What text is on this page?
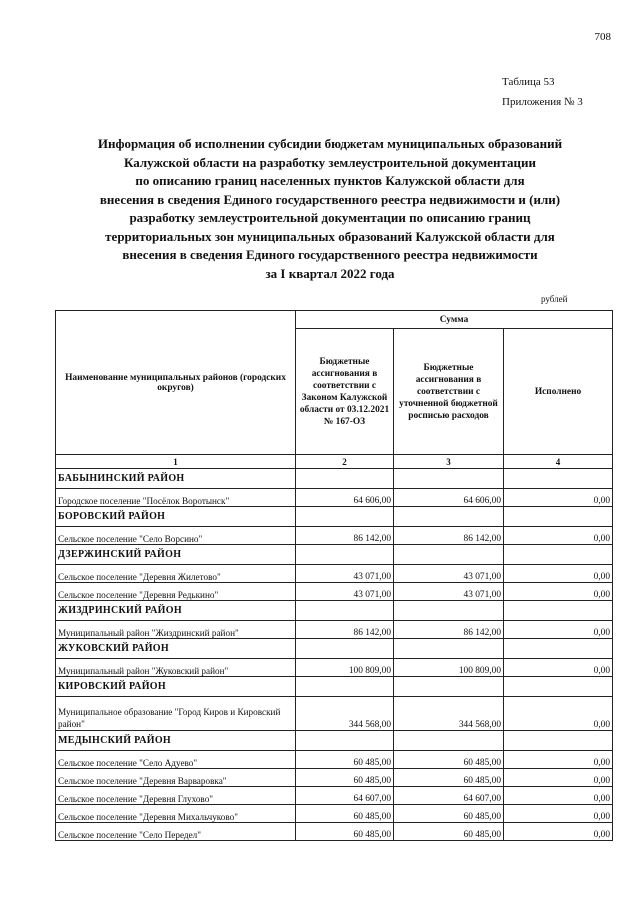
708
Таблица 53
Приложения № 3
Информация об исполнении субсидии бюджетам муниципальных образований
Калужской области на разработку землеустроительной документации
по описанию границ населенных пунктов Калужской области для
внесения в сведения Единого государственного реестра недвижимости и (или)
разработку землеустроительной документации по описанию границ
территориальных зон муниципальных образований Калужской области для
внесения в сведения Единого государственного реестра недвижимости
за I квартал 2022 года
рублей
Наименование муниципальных районов (городских округов)	Сумма		
	Бюджетные ассигнования в соответствии с Законом Калужской области от 03.12.2021 № 167-ОЗ	Бюджетные ассигнования в соответствии с уточненной бюджетной росписью расходов	Исполнено
1	2	3	4
БАБЫНИНСКИЙ РАЙОН			
Городское поселение "Посёлок Воротынск"	64 606,00	64 606,00	0,00
БОРОВСКИЙ РАЙОН			
Сельское поселение "Село Ворсино"	86 142,00	86 142,00	0,00
ДЗЕРЖИНСКИЙ РАЙОН			
Сельское поселение "Деревня Жилетово"	43 071,00	43 071,00	0,00
Сельское поселение "Деревня Редькино"	43 071,00	43 071,00	0,00
ЖИЗДРИНСКИЙ РАЙОН			
Муниципальный район "Жиздринский район"	86 142,00	86 142,00	0,00
ЖУКОВСКИЙ РАЙОН			
Муниципальный район "Жуковский район"	100 809,00	100 809,00	0,00
КИРОВСКИЙ РАЙОН			
Муниципальное образование "Город Киров и Кировский район"	344 568,00	344 568,00	0,00
МЕДЫНСКИЙ РАЙОН			
Сельское поселение "Село Адуево"	60 485,00	60 485,00	0,00
Сельское поселение "Деревня Варваровка"	60 485,00	60 485,00	0,00
Сельское поселение "Деревня Глухово"	64 607,00	64 607,00	0,00
Сельское поселение "Деревня Михальчуково"	60 485,00	60 485,00	0,00
Сельское поселение "Село Передел"	60 485,00	60 485,00	0,00
